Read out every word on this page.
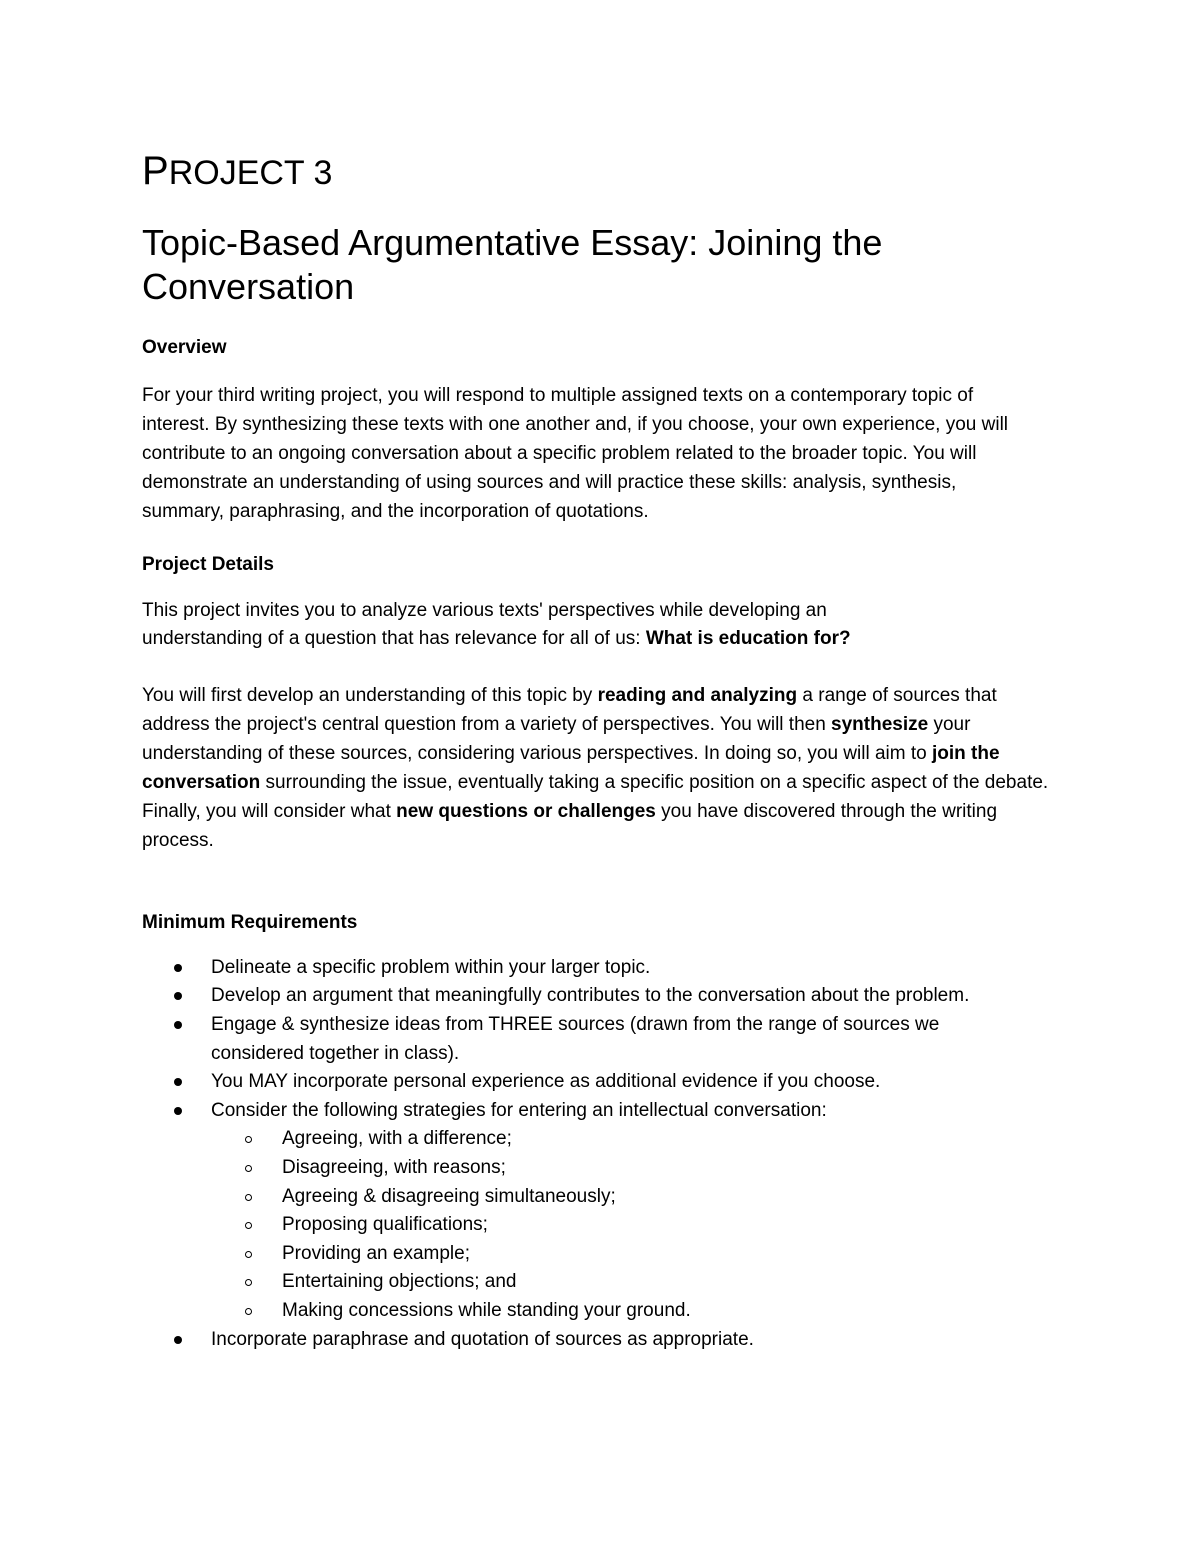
PROJECT 3
Topic-Based Argumentative Essay: Joining the Conversation
Overview

For your third writing project, you will respond to multiple assigned texts on a contemporary topic of interest. By synthesizing these texts with one another and, if you choose, your own experience, you will contribute to an ongoing conversation about a specific problem related to the broader topic. You will demonstrate an understanding of using sources and will practice these skills: analysis, synthesis, summary, paraphrasing, and the incorporation of quotations.

Project Details

This project invites you to analyze various texts' perspectives while developing an understanding of a question that has relevance for all of us: What is education for?

You will first develop an understanding of this topic by reading and analyzing a range of sources that address the project's central question from a variety of perspectives. You will then synthesize your understanding of these sources, considering various perspectives. In doing so, you will aim to join the conversation surrounding the issue, eventually taking a specific position on a specific aspect of the debate. Finally, you will consider what new questions or challenges you have discovered through the writing process.

Minimum Requirements
Delineate a specific problem within your larger topic.
Develop an argument that meaningfully contributes to the conversation about the problem.
Engage & synthesize ideas from THREE sources (drawn from the range of sources we considered together in class).
You MAY incorporate personal experience as additional evidence if you choose.
Consider the following strategies for entering an intellectual conversation:
Agreeing, with a difference;
Disagreeing, with reasons;
Agreeing & disagreeing simultaneously;
Proposing qualifications;
Providing an example;
Entertaining objections; and
Making concessions while standing your ground.
Incorporate paraphrase and quotation of sources as appropriate.
